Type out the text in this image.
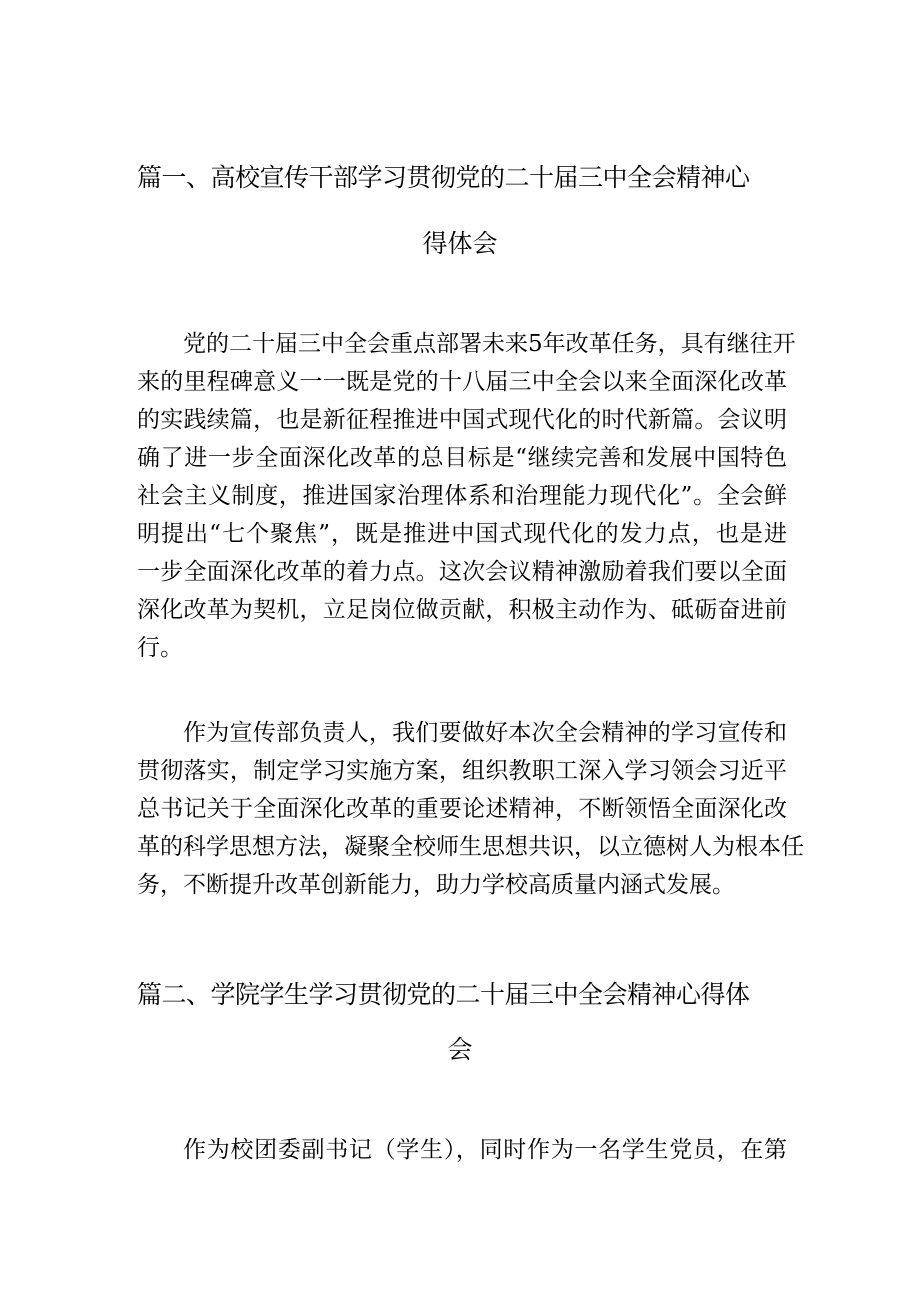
篇一、高校宣传干部学习贯彻党的二十届三中全会精神心
得体会
党的二十届三中全会重点部署未来5年改革任务，具有继往开
来的里程碑意义一一既是党的十八届三中全会以来全面深化改革
的实践续篇，也是新征程推进中国式现代化的时代新篇。会议明
确了进一步全面深化改革的总目标是“继续完善和发展中国特色
社会主义制度，推进国家治理体系和治理能力现代化”。全会鲜
明提出“七个聚焦”，既是推进中国式现代化的发力点，也是进
一步全面深化改革的着力点。这次会议精神激励着我们要以全面
深化改革为契机，立足岗位做贡献，积极主动作为、砥砺奋进前
行。
作为宣传部负责人，我们要做好本次全会精神的学习宣传和
贯彻落实，制定学习实施方案，组织教职工深入学习领会习近平
总书记关于全面深化改革的重要论述精神，不断领悟全面深化改
革的科学思想方法，凝聚全校师生思想共识，以立德树人为根本任
务，不断提升改革创新能力，助力学校高质量内涵式发展。
篇二、学院学生学习贯彻党的二十届三中全会精神心得体
会
作为校团委副书记（学生），同时作为一名学生党员，在第
